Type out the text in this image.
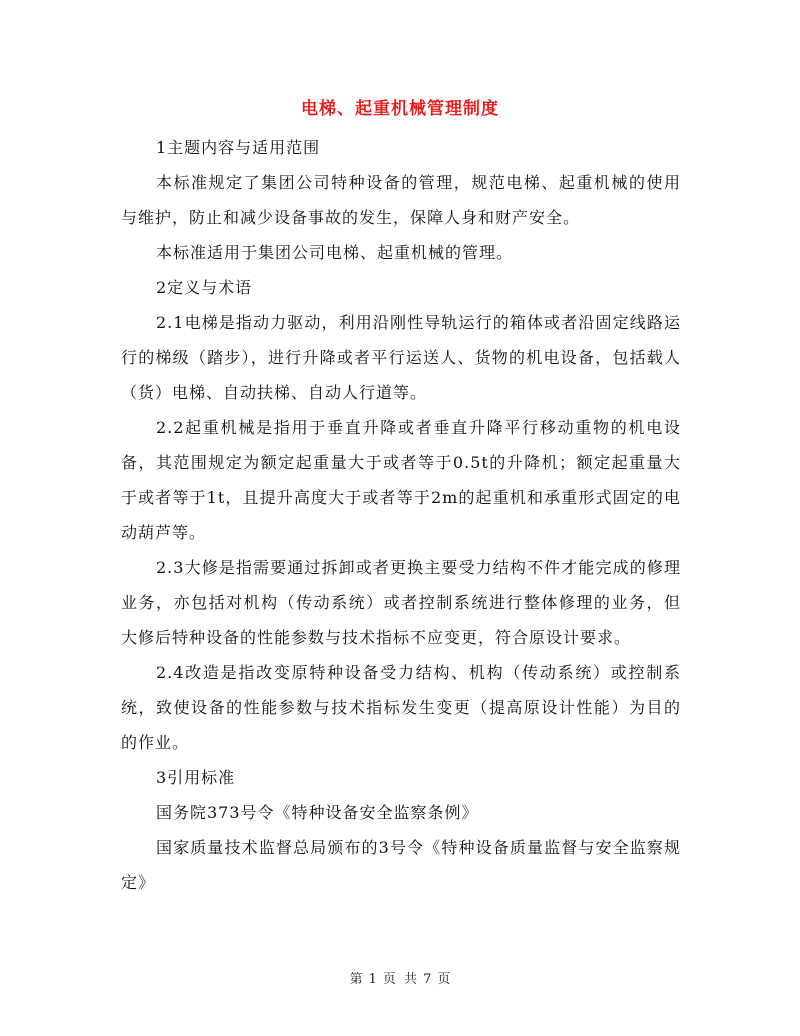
电梯、起重机械管理制度

1主题内容与适用范围

本标准规定了集团公司特种设备的管理，规范电梯、起重机械的使用与维护，防止和减少设备事故的发生，保障人身和财产安全。

本标准适用于集团公司电梯、起重机械的管理。

2定义与术语

2.1电梯是指动力驱动，利用沿刚性导轨运行的箱体或者沿固定线路运行的梯级（踏步），进行升降或者平行运送人、货物的机电设备，包括载人（货）电梯、自动扶梯、自动人行道等。

2.2起重机械是指用于垂直升降或者垂直升降平行移动重物的机电设备，其范围规定为额定起重量大于或者等于0.5t的升降机；额定起重量大于或者等于1t，且提升高度大于或者等于2m的起重机和承重形式固定的电动葫芦等。

2.3大修是指需要通过拆卸或者更换主要受力结构不件才能完成的修理业务，亦包括对机构（传动系统）或者控制系统进行整体修理的业务，但大修后特种设备的性能参数与技术指标不应变更，符合原设计要求。

2.4改造是指改变原特种设备受力结构、机构（传动系统）或控制系统，致使设备的性能参数与技术指标发生变更（提高原设计性能）为目的的作业。

3引用标准

国务院373号令《特种设备安全监察条例》

国家质量技术监督总局颁布的3号令《特种设备质量监督与安全监察规定》

第 1 页 共 7 页
